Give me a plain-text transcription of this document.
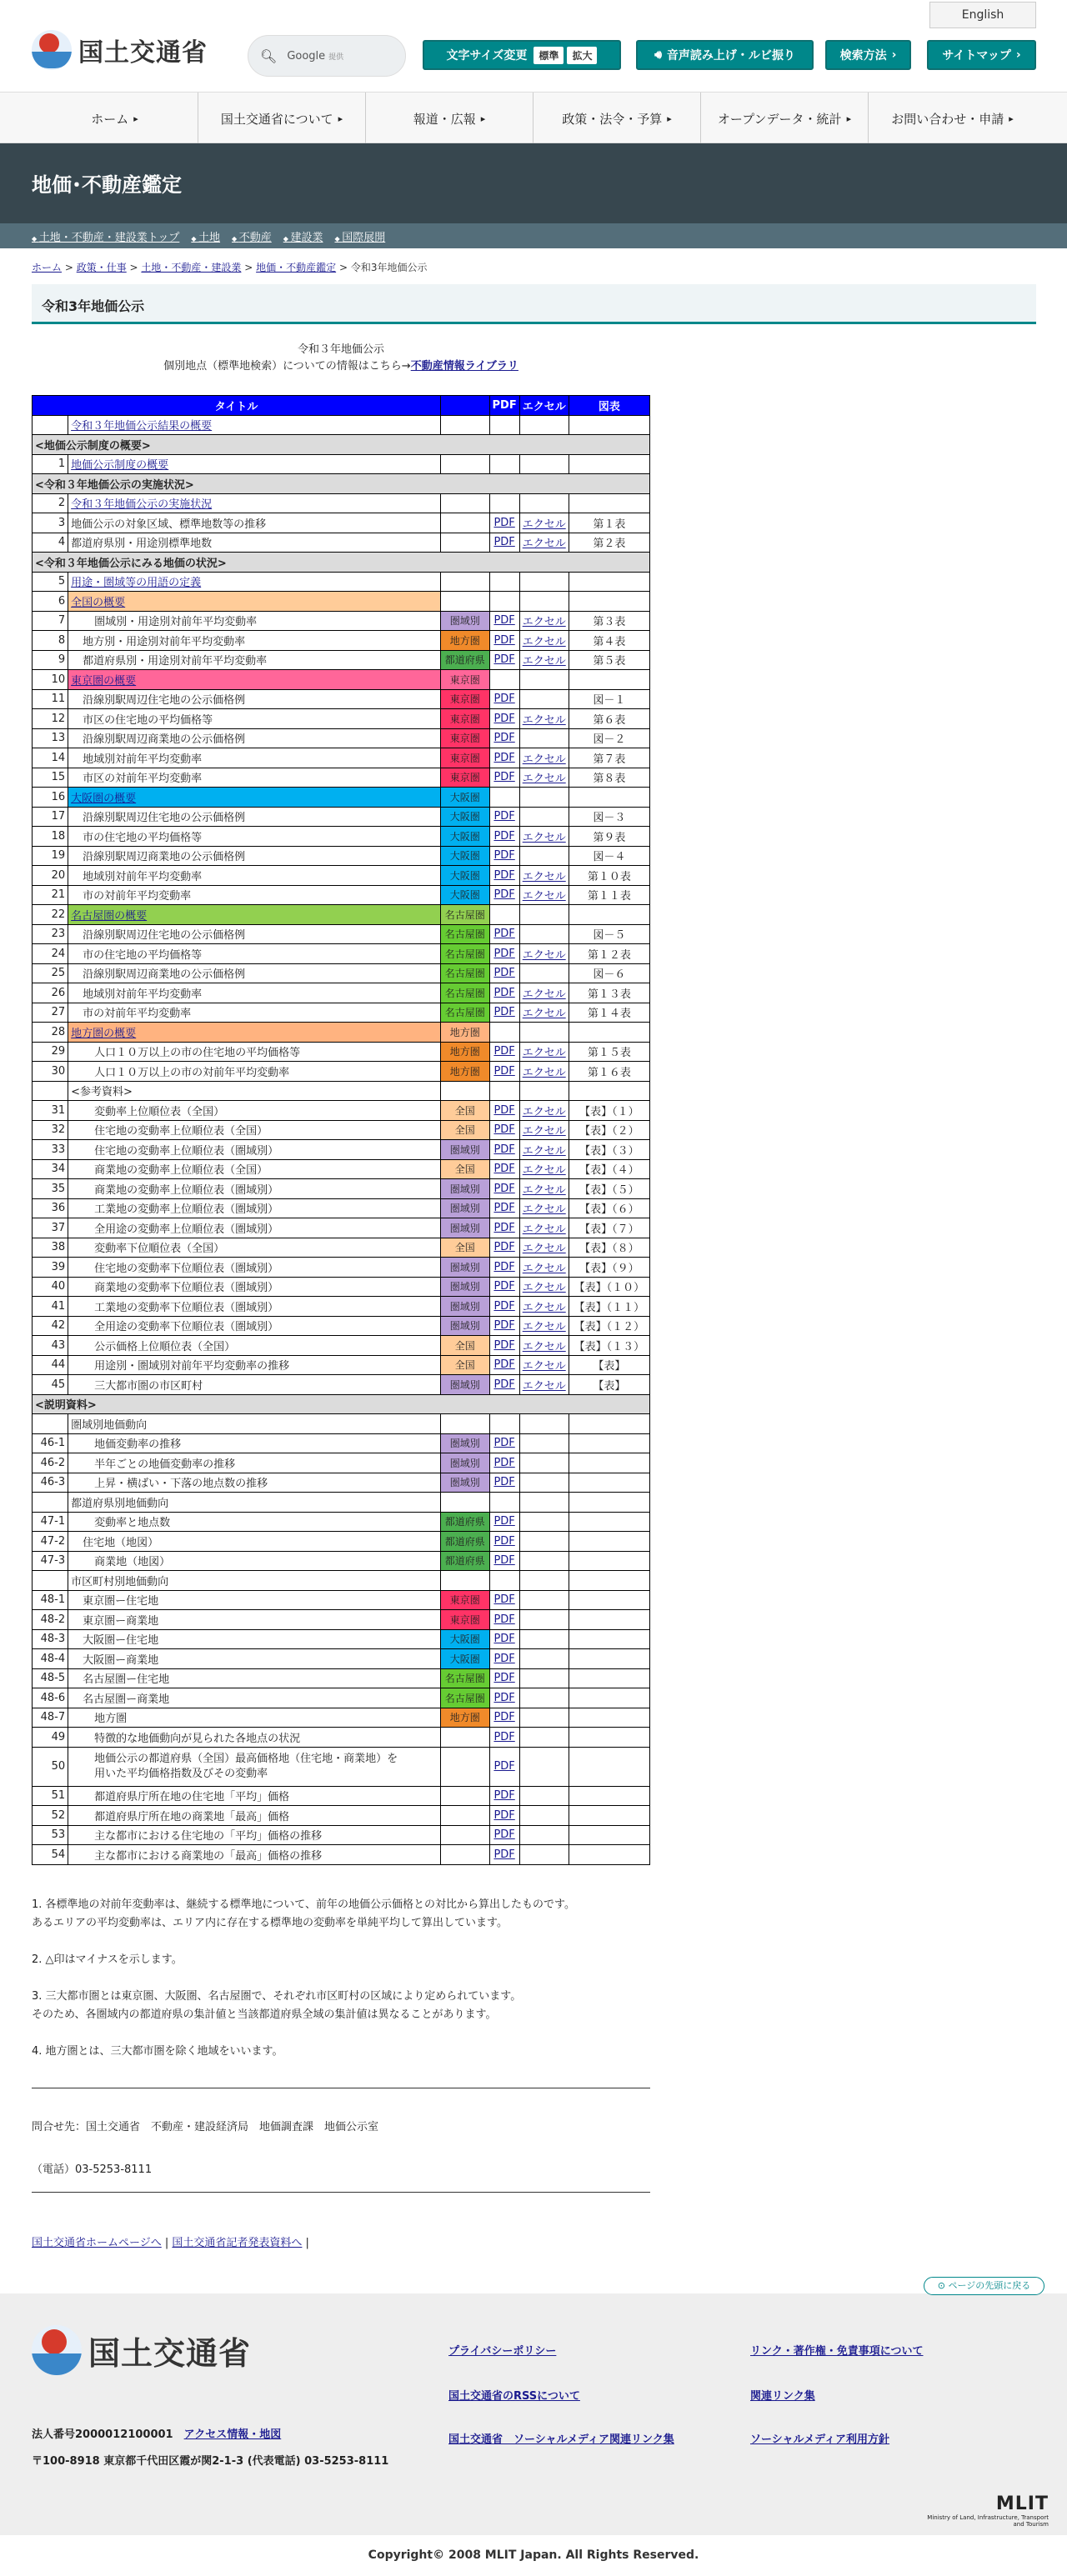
国土交通省
English
🔍︎ Google 提供	文字サイズ変更	標準	拡大	🔊︎ 音声読み上げ・ルビ振り	検索方法 ›	サイトマップ ›
ホーム ▸	国土交通省について ▸	報道・広報 ▸	政策・法令・予算 ▸	オープンデータ・統計 ▸	お問い合わせ・申請 ▸
地価･不動産鑑定
◆ 土地・不動産・建設業トップ	◆ 土地	◆ 不動産	◆ 建設業	◆ 国際展開
ホーム > 政策・仕事 > 土地・不動産・建設業 > 地価・不動産鑑定 > 令和3年地価公示
令和3年地価公示
令和３年地価公示
個別地点（標準地検索）についての情報はこちら→不動産情報ライブラリ
タイトル			PDF	エクセル	図表
	令和３年地価公示結果の概要				
<地価公示制度の概要>					
1	地価公示制度の概要				
<令和３年地価公示の実施状況>					
2	令和３年地価公示の実施状況				
3	地価公示の対象区域、標準地数等の推移		PDF	エクセル	第１表
4	都道府県別・用途別標準地数		PDF	エクセル	第２表
<令和３年地価公示にみる地価の状況>					
5	用途・圏域等の用語の定義				
6	全国の概要				
7	圏域別・用途別対前年平均変動率	圏域別	PDF	エクセル	第３表
8	地方別・用途別対前年平均変動率	地方圏	PDF	エクセル	第４表
9	都道府県別・用途別対前年平均変動率	都道府県	PDF	エクセル	第５表
10	東京圏の概要	東京圏			
11	沿線別駅周辺住宅地の公示価格例	東京圏	PDF		図－１
12	市区の住宅地の平均価格等	東京圏	PDF	エクセル	第６表
13	沿線別駅周辺商業地の公示価格例	東京圏	PDF		図－２
14	地域別対前年平均変動率	東京圏	PDF	エクセル	第７表
15	市区の対前年平均変動率	東京圏	PDF	エクセル	第８表
16	大阪圏の概要	大阪圏			
17	沿線別駅周辺住宅地の公示価格例	大阪圏	PDF		図－３
18	市の住宅地の平均価格等	大阪圏	PDF	エクセル	第９表
19	沿線別駅周辺商業地の公示価格例	大阪圏	PDF		図－４
20	地域別対前年平均変動率	大阪圏	PDF	エクセル	第１０表
21	市の対前年平均変動率	大阪圏	PDF	エクセル	第１１表
22	名古屋圏の概要	名古屋圏			
23	沿線別駅周辺住宅地の公示価格例	名古屋圏	PDF		図－５
24	市の住宅地の平均価格等	名古屋圏	PDF	エクセル	第１２表
25	沿線別駅周辺商業地の公示価格例	名古屋圏	PDF		図－６
26	地域別対前年平均変動率	名古屋圏	PDF	エクセル	第１３表
27	市の対前年平均変動率	名古屋圏	PDF	エクセル	第１４表
28	地方圏の概要	地方圏			
29	人口１０万以上の市の住宅地の平均価格等	地方圏	PDF	エクセル	第１５表
30	人口１０万以上の市の対前年平均変動率	地方圏	PDF	エクセル	第１６表
	<参考資料>				
31	変動率上位順位表（全国）	全国	PDF	エクセル	【表】（１）
32	住宅地の変動率上位順位表（全国）	全国	PDF	エクセル	【表】（２）
33	住宅地の変動率上位順位表（圏域別）	圏域別	PDF	エクセル	【表】（３）
34	商業地の変動率上位順位表（全国）	全国	PDF	エクセル	【表】（４）
35	商業地の変動率上位順位表（圏域別）	圏域別	PDF	エクセル	【表】（５）
36	工業地の変動率上位順位表（圏域別）	圏域別	PDF	エクセル	【表】（６）
37	全用途の変動率上位順位表（圏域別）	圏域別	PDF	エクセル	【表】（７）
38	変動率下位順位表（全国）	全国	PDF	エクセル	【表】（８）
39	住宅地の変動率下位順位表（圏域別）	圏域別	PDF	エクセル	【表】（９）
40	商業地の変動率下位順位表（圏域別）	圏域別	PDF	エクセル	【表】（１０）
41	工業地の変動率下位順位表（圏域別）	圏域別	PDF	エクセル	【表】（１１）
42	全用途の変動率下位順位表（圏域別）	圏域別	PDF	エクセル	【表】（１２）
43	公示価格上位順位表（全国）	全国	PDF	エクセル	【表】（１３）
44	用途別・圏域別対前年平均変動率の推移	全国	PDF	エクセル	【表】
45	三大都市圏の市区町村	圏域別	PDF	エクセル	【表】
<説明資料>					
	圏域別地価動向				
46-1	地価変動率の推移	圏域別	PDF		
46-2	半年ごとの地価変動率の推移	圏域別	PDF		
46-3	上昇・横ばい・下落の地点数の推移	圏域別	PDF		
	都道府県別地価動向				
47-1	変動率と地点数	都道府県	PDF		
47-2	住宅地（地図）	都道府県	PDF		
47-3	商業地（地図）	都道府県	PDF		
	市区町村別地価動向				
48-1	東京圏ー住宅地	東京圏	PDF		
48-2	東京圏ー商業地	東京圏	PDF		
48-3	大阪圏ー住宅地	大阪圏	PDF		
48-4	大阪圏ー商業地	大阪圏	PDF		
48-5	名古屋圏ー住宅地	名古屋圏	PDF		
48-6	名古屋圏ー商業地	名古屋圏	PDF		
48-7	地方圏	地方圏	PDF		
49	特徴的な地価動向が見られた各地点の状況		PDF		
50	地価公示の都道府県（全国）最高価格地（住宅地・商業地）を
用いた平均価格指数及びその変動率		PDF		
51	都道府県庁所在地の住宅地「平均」価格		PDF		
52	都道府県庁所在地の商業地「最高」価格		PDF		
53	主な都市における住宅地の「平均」価格の推移		PDF		
54	主な都市における商業地の「最高」価格の推移		PDF		

1. 各標準地の対前年変動率は、継続する標準地について、前年の地価公示価格との対比から算出したものです。
あるエリアの平均変動率は、エリア内に存在する標準地の変動率を単純平均して算出しています。

2. △印はマイナスを示します。

3. 三大都市圏とは東京圏、大阪圏、名古屋圏で、それぞれ市区町村の区域により定められています。
そのため、各圏域内の都道府県の集計値と当該都道府県全域の集計値は異なることがあります。

4. 地方圏とは、三大都市圏を除く地域をいいます。

問合せ先：国土交通省　不動産・建設経済局　地価調査課　地価公示室
（電話）03-5253-8111
国土交通省ホームページへ | 国土交通省記者発表資料へ |
国土交通省
法人番号2000012100001　 アクセス情報・地図
〒100-8918 東京都千代田区霞が関2-1-3 (代表電話) 03-5253-8111
プライバシーポリシー
国土交通省のRSSについて
国土交通省　ソーシャルメディア関連リンク集
リンク・著作権・免責事項について
関連リンク集
ソーシャルメディア利用方針
MLIT
Ministry of Land, Infrastructure, Transport and Tourism
⊙ ページの先頭に戻る
Copyright© 2008 MLIT Japan. All Rights Reserved.
